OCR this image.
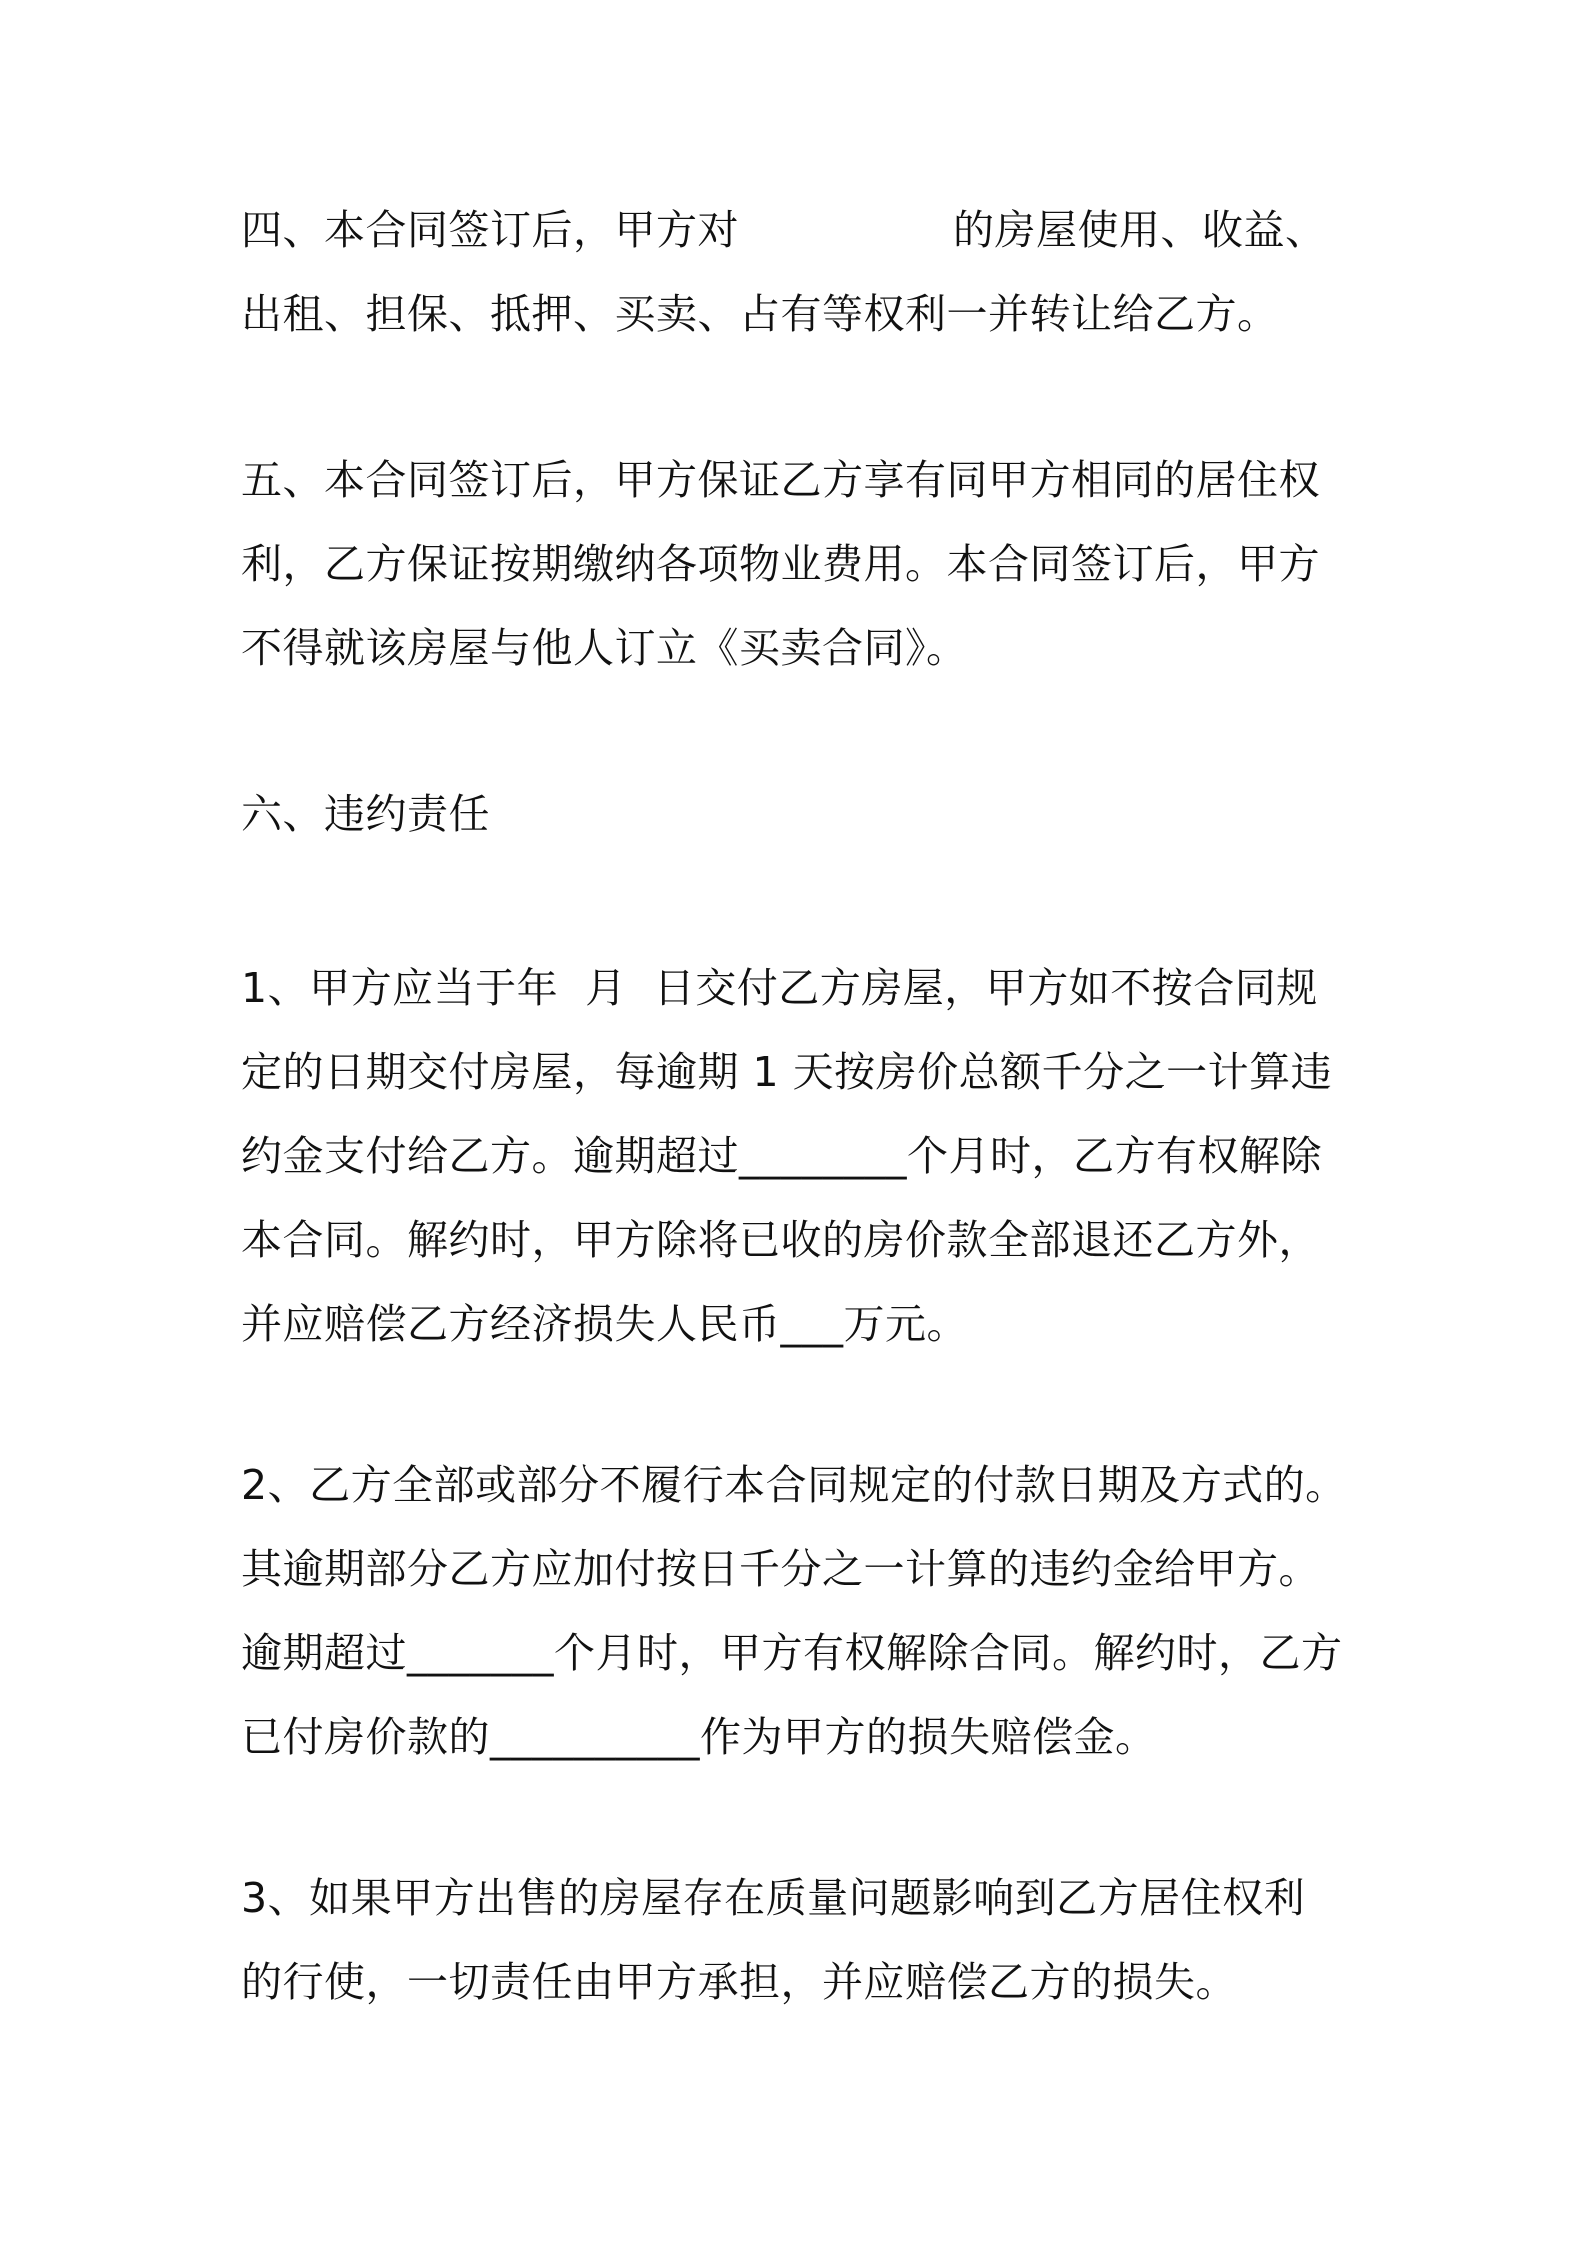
四、本合同签订后，甲方对	的房屋使用、收益、
出租、担保、抵押、买卖、占有等权利一并转让给乙方。
五、本合同签订后，甲方保证乙方享有同甲方相同的居住权
利，乙方保证按期缴纳各项物业费用。本合同签订后，甲方
不得就该房屋与他人订立《买卖合同》。
六、违约责任
1、甲方应当于年  月  日交付乙方房屋，甲方如不按合同规
定的日期交付房屋，每逾期 1 天按房价总额千分之一计算违
约金支付给乙方。逾期超过________个月时，乙方有权解除
本合同。解约时，甲方除将已收的房价款全部退还乙方外，
并应赔偿乙方经济损失人民币___万元。
2、乙方全部或部分不履行本合同规定的付款日期及方式的。
其逾期部分乙方应加付按日千分之一计算的违约金给甲方。
逾期超过_______个月时，甲方有权解除合同。解约时，乙方
已付房价款的__________作为甲方的损失赔偿金。
3、如果甲方出售的房屋存在质量问题影响到乙方居住权利
的行使，一切责任由甲方承担，并应赔偿乙方的损失。
